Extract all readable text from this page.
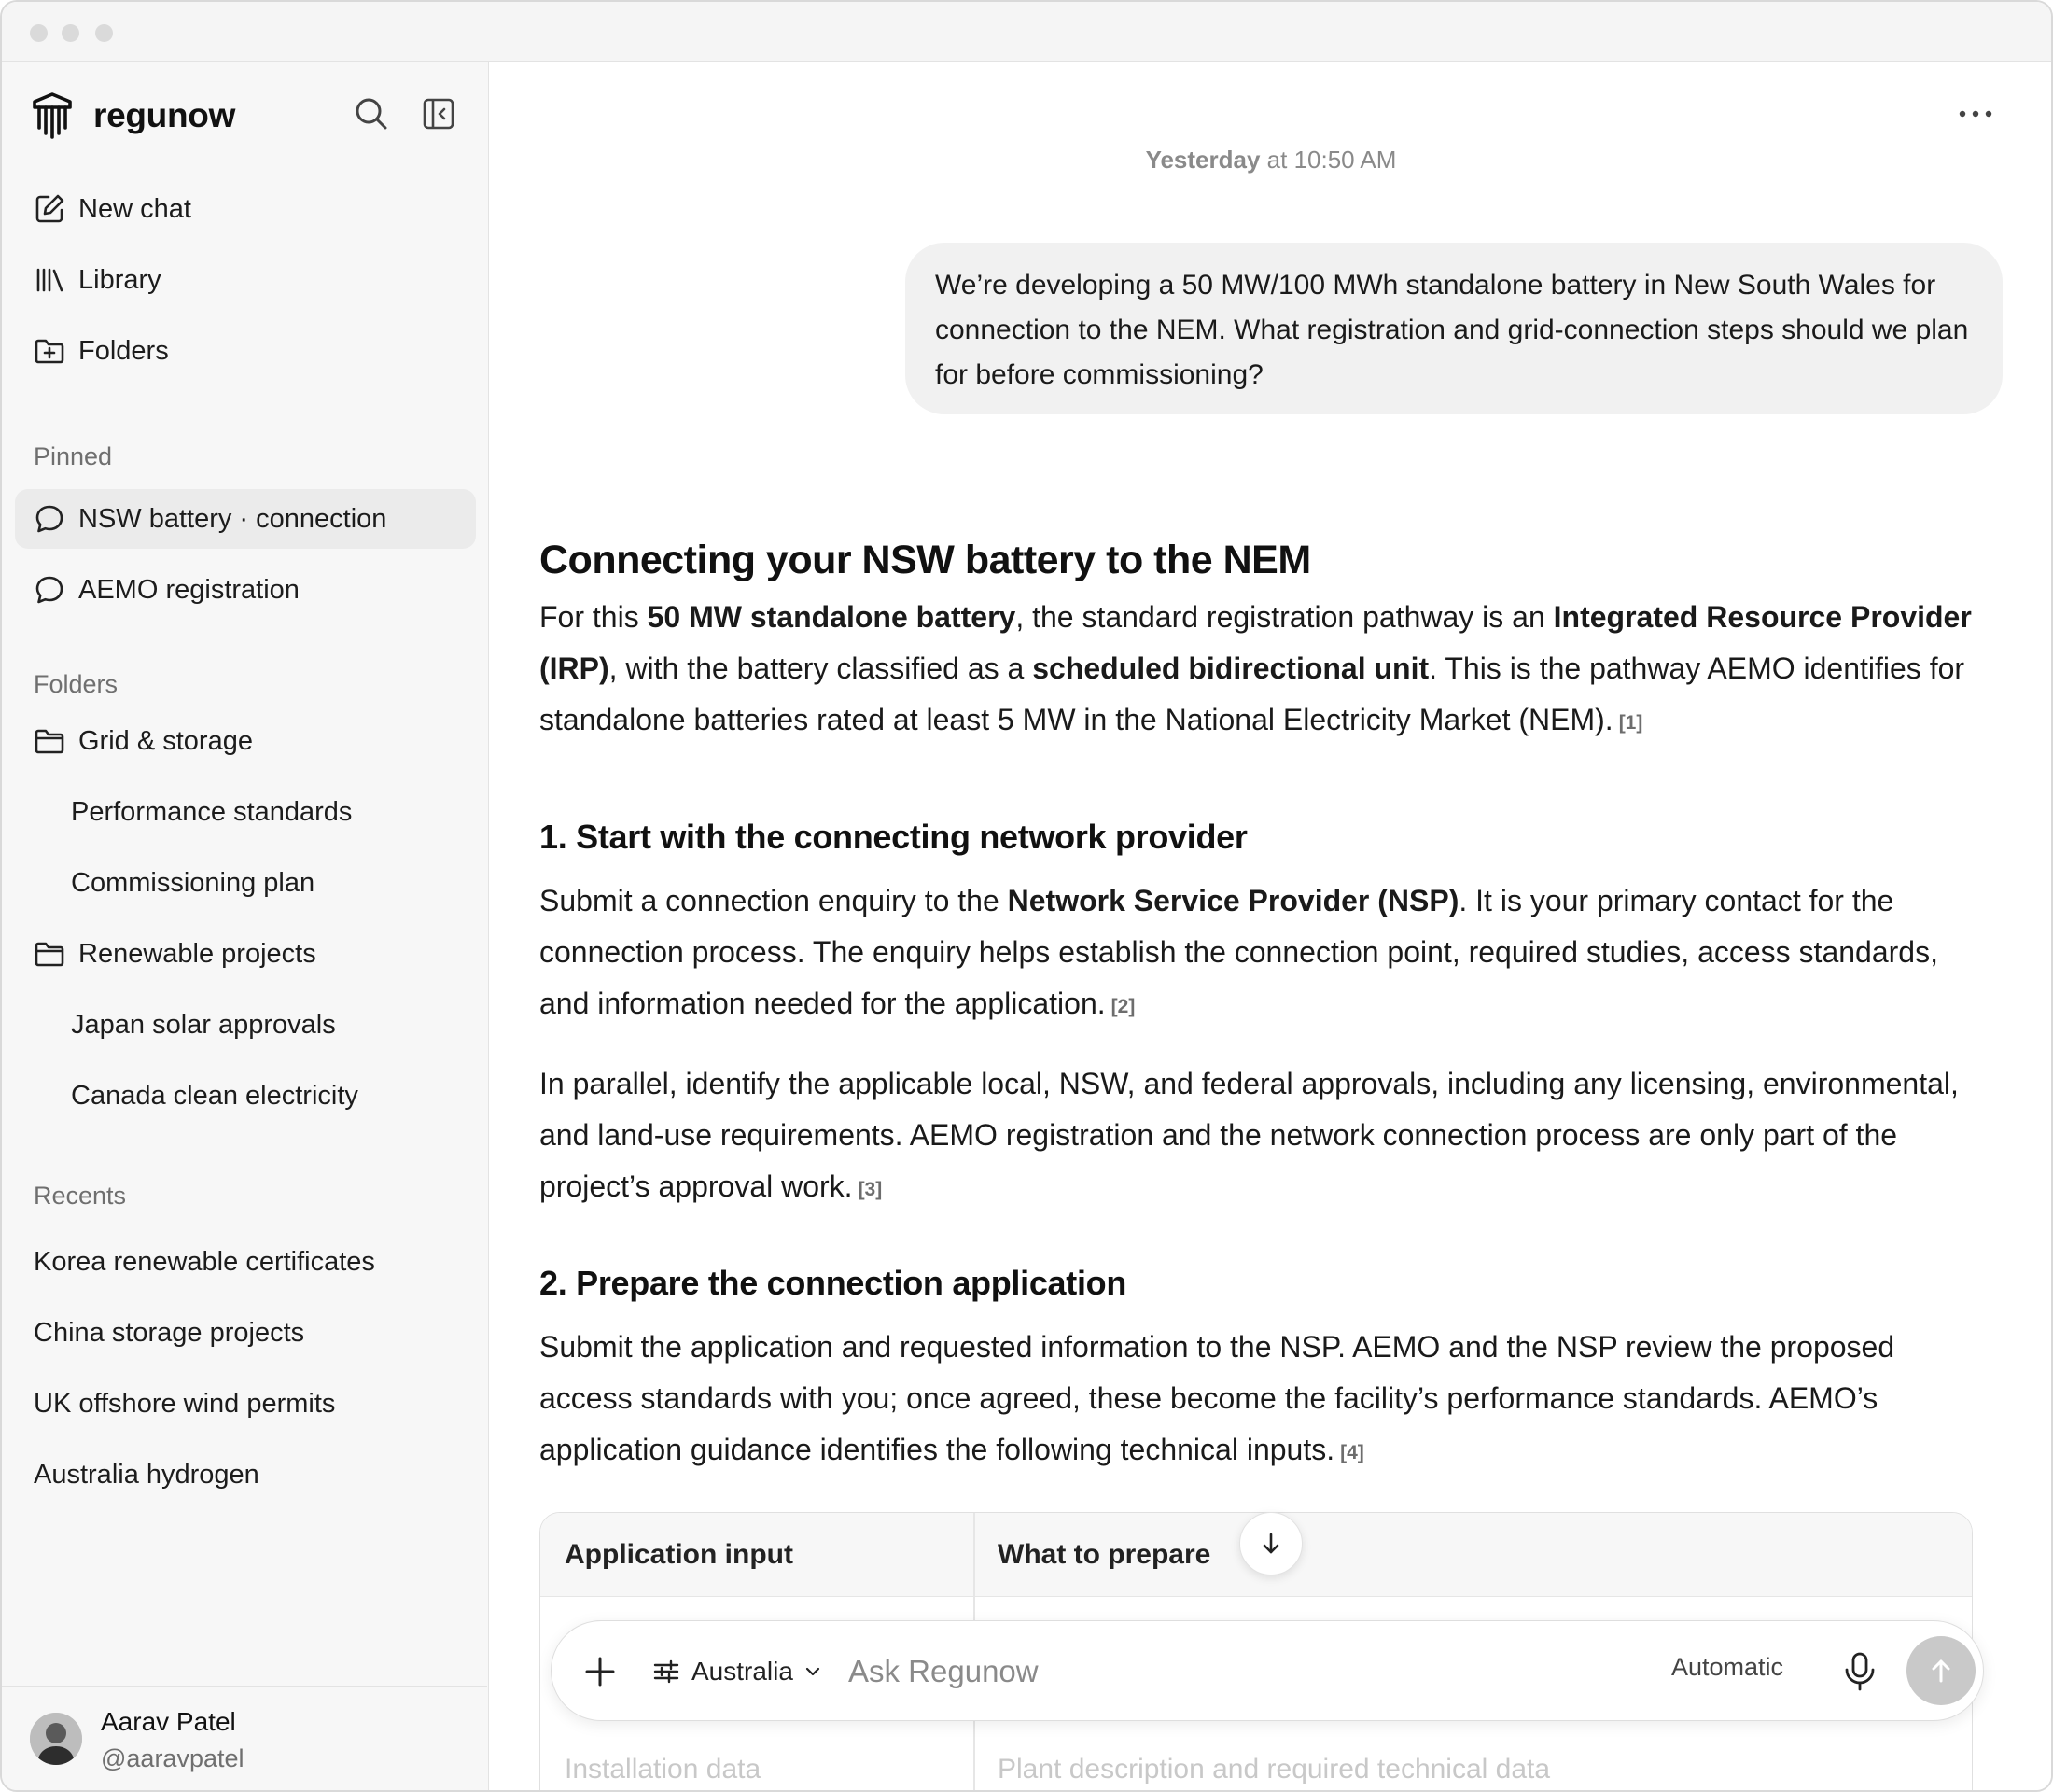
regunow
New chat
Library
Folders
Pinned
NSW battery · connection
AEMO registration
Folders
Grid & storage
Performance standards
Commissioning plan
Renewable projects
Japan solar approvals
Canada clean electricity
Recents
Korea renewable certificates
China storage projects
UK offshore wind permits
Australia hydrogen
Aarav Patel
@aaravpatel
Yesterday at 10:50 AM
We’re developing a 50 MW/100 MWh standalone battery in New South Wales for connection to the NEM. What registration and grid-connection steps should we plan for before commissioning?
Connecting your NSW battery to the NEM

For this 50 MW standalone battery, the standard registration pathway is an Integrated Resource Provider (IRP), with the battery classified as a scheduled bidirectional unit. This is the pathway AEMO identifies for standalone batteries rated at least 5 MW in the National Electricity Market (NEM). [1]

1. Start with the connecting network provider

Submit a connection enquiry to the Network Service Provider (NSP). It is your primary contact for the connection process. The enquiry helps establish the connection point, required studies, access standards, and information needed for the application. [2]

In parallel, identify the applicable local, NSW, and federal approvals, including any licensing, environmental, and land-use requirements. AEMO registration and the network connection process are only part of the project’s approval work. [3]

2. Prepare the connection application

Submit the application and requested information to the NSP. AEMO and the NSP review the proposed access standards with you; once agreed, these become the facility’s performance standards. AEMO’s application guidance identifies the following technical inputs. [4]

Application input	What to prepare
Installation data	Plant description and required technical data
Australia
Ask Regunow	Automatic
